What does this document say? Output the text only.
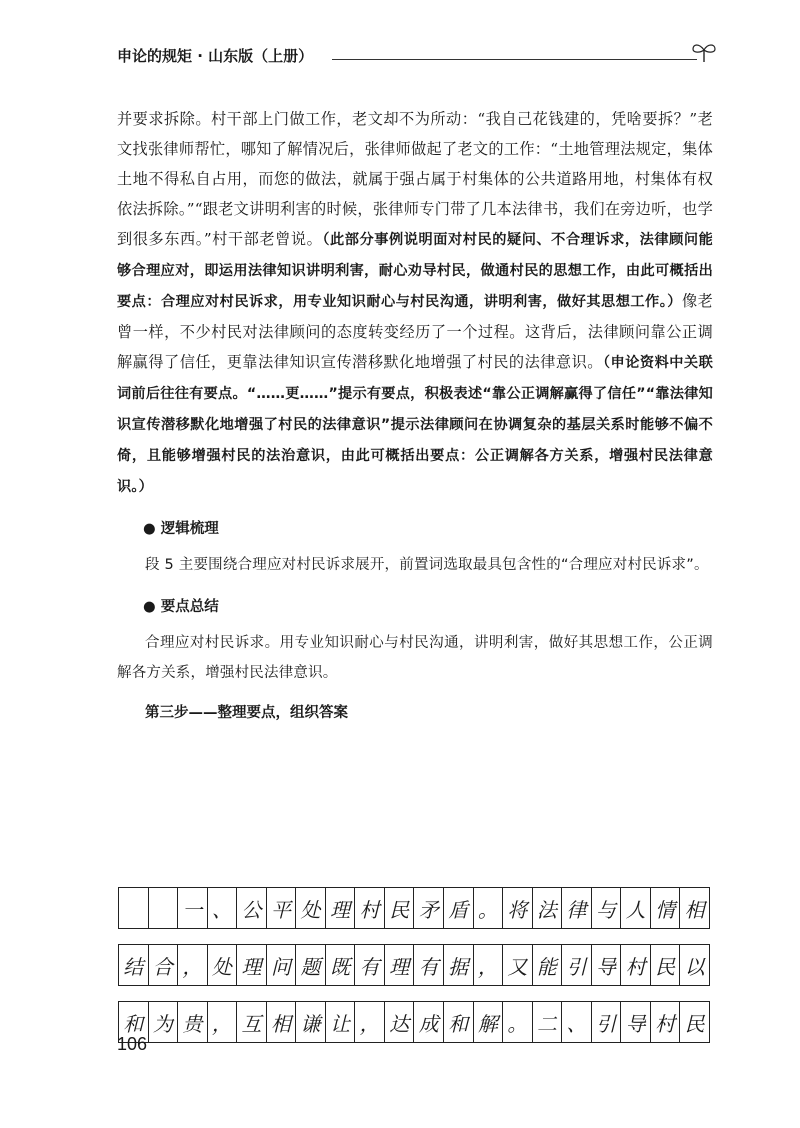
申论的规矩 · 山东版（上册）

并要求拆除。村干部上门做工作，老文却不为所动：“我自己花钱建的，凭啥要拆？”老文找张律师帮忙，哪知了解情况后，张律师做起了老文的工作：“土地管理法规定，集体土地不得私自占用，而您的做法，就属于强占属于村集体的公共道路用地，村集体有权依法拆除。”“跟老文讲明利害的时候，张律师专门带了几本法律书，我们在旁边听，也学到很多东西。”村干部老曾说。（此部分事例说明面对村民的疑问、不合理诉求，法律顾问能够合理应对，即运用法律知识讲明利害，耐心劝导村民，做通村民的思想工作，由此可概括出要点：合理应对村民诉求，用专业知识耐心与村民沟通，讲明利害，做好其思想工作。）像老曾一样，不少村民对法律顾问的态度转变经历了一个过程。这背后，法律顾问靠公正调解赢得了信任，更靠法律知识宣传潜移默化地增强了村民的法律意识。（申论资料中关联词前后往往有要点。“……更……”提示有要点，积极表述“靠公正调解赢得了信任”“靠法律知识宣传潜移默化地增强了村民的法律意识”提示法律顾问在协调复杂的基层关系时能够不偏不倚，且能够增强村民的法治意识，由此可概括出要点：公正调解各方关系，增强村民法律意识。）

● 逻辑梳理

段 5 主要围绕合理应对村民诉求展开，前置词选取最具包含性的“合理应对村民诉求”。

● 要点总结

合理应对村民诉求。用专业知识耐心与村民沟通，讲明利害，做好其思想工作，公正调解各方关系，增强村民法律意识。

第三步——整理要点，组织答案
一 、 公 平 处 理 村 民 矛 盾 。 将 法 律 与 人 情 相
结 合 ， 处 理 问 题 既 有 理 有 据 ， 又 能 引 导 村 民 以
和 为 贵 ， 互 相 谦 让 ， 达 成 和 解 。 二 、 引 导 村 民
106
